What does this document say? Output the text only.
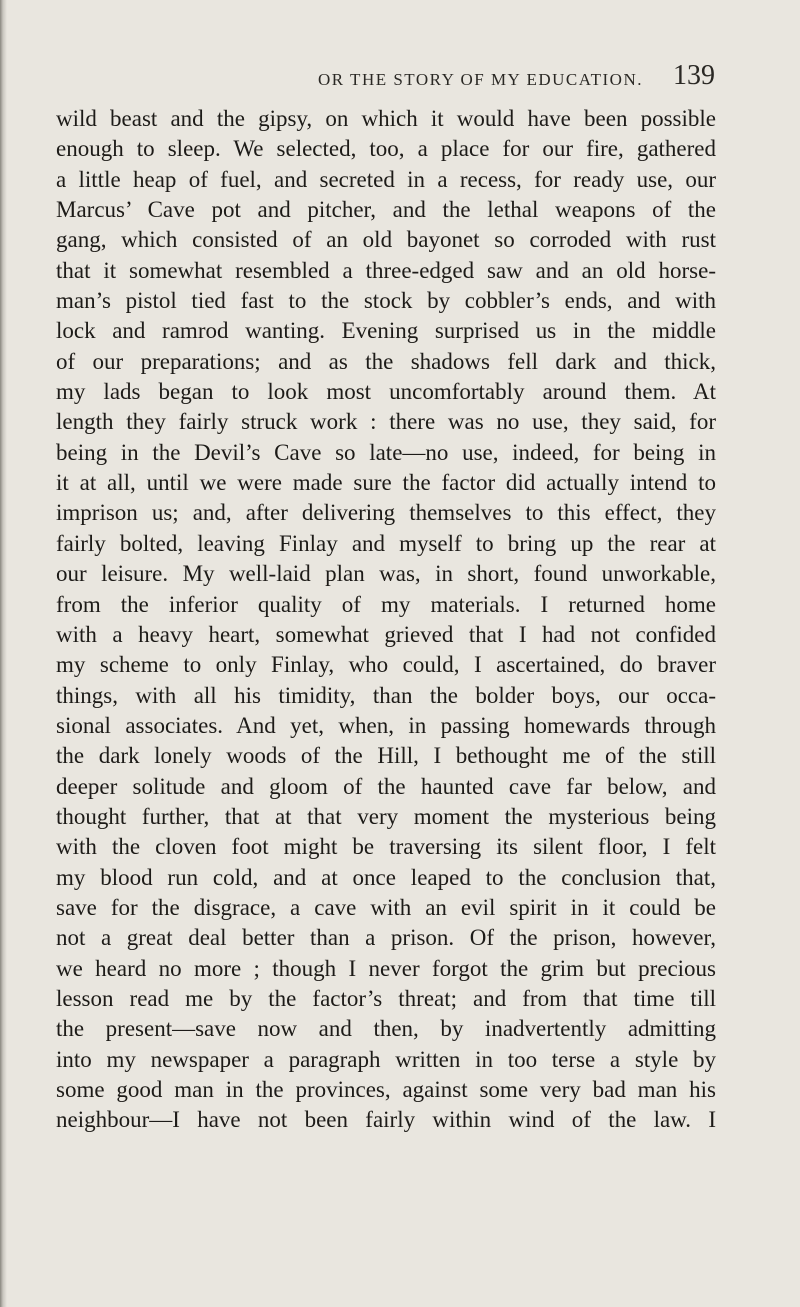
OR THE STORY OF MY EDUCATION. 139
wild beast and the gipsy, on which it would have been possible
enough to sleep. We selected, too, a place for our fire, gathered
a little heap of fuel, and secreted in a recess, for ready use, our
Marcus’ Cave pot and pitcher, and the lethal weapons of the
gang, which consisted of an old bayonet so corroded with rust
that it somewhat resembled a three-edged saw and an old horse-
man’s pistol tied fast to the stock by cobbler’s ends, and with
lock and ramrod wanting. Evening surprised us in the middle
of our preparations; and as the shadows fell dark and thick,
my lads began to look most uncomfortably around them. At
length they fairly struck work : there was no use, they said, for
being in the Devil’s Cave so late—no use, indeed, for being in
it at all, until we were made sure the factor did actually intend to
imprison us; and, after delivering themselves to this effect, they
fairly bolted, leaving Finlay and myself to bring up the rear at
our leisure. My well-laid plan was, in short, found unworkable,
from the inferior quality of my materials. I returned home
with a heavy heart, somewhat grieved that I had not confided
my scheme to only Finlay, who could, I ascertained, do braver
things, with all his timidity, than the bolder boys, our occa-
sional associates. And yet, when, in passing homewards through
the dark lonely woods of the Hill, I bethought me of the still
deeper solitude and gloom of the haunted cave far below, and
thought further, that at that very moment the mysterious being
with the cloven foot might be traversing its silent floor, I felt
my blood run cold, and at once leaped to the conclusion that,
save for the disgrace, a cave with an evil spirit in it could be
not a great deal better than a prison. Of the prison, however,
we heard no more ; though I never forgot the grim but precious
lesson read me by the factor’s threat; and from that time till
the present—save now and then, by inadvertently admitting
into my newspaper a paragraph written in too terse a style by
some good man in the provinces, against some very bad man his
neighbour—I have not been fairly within wind of the law. I
